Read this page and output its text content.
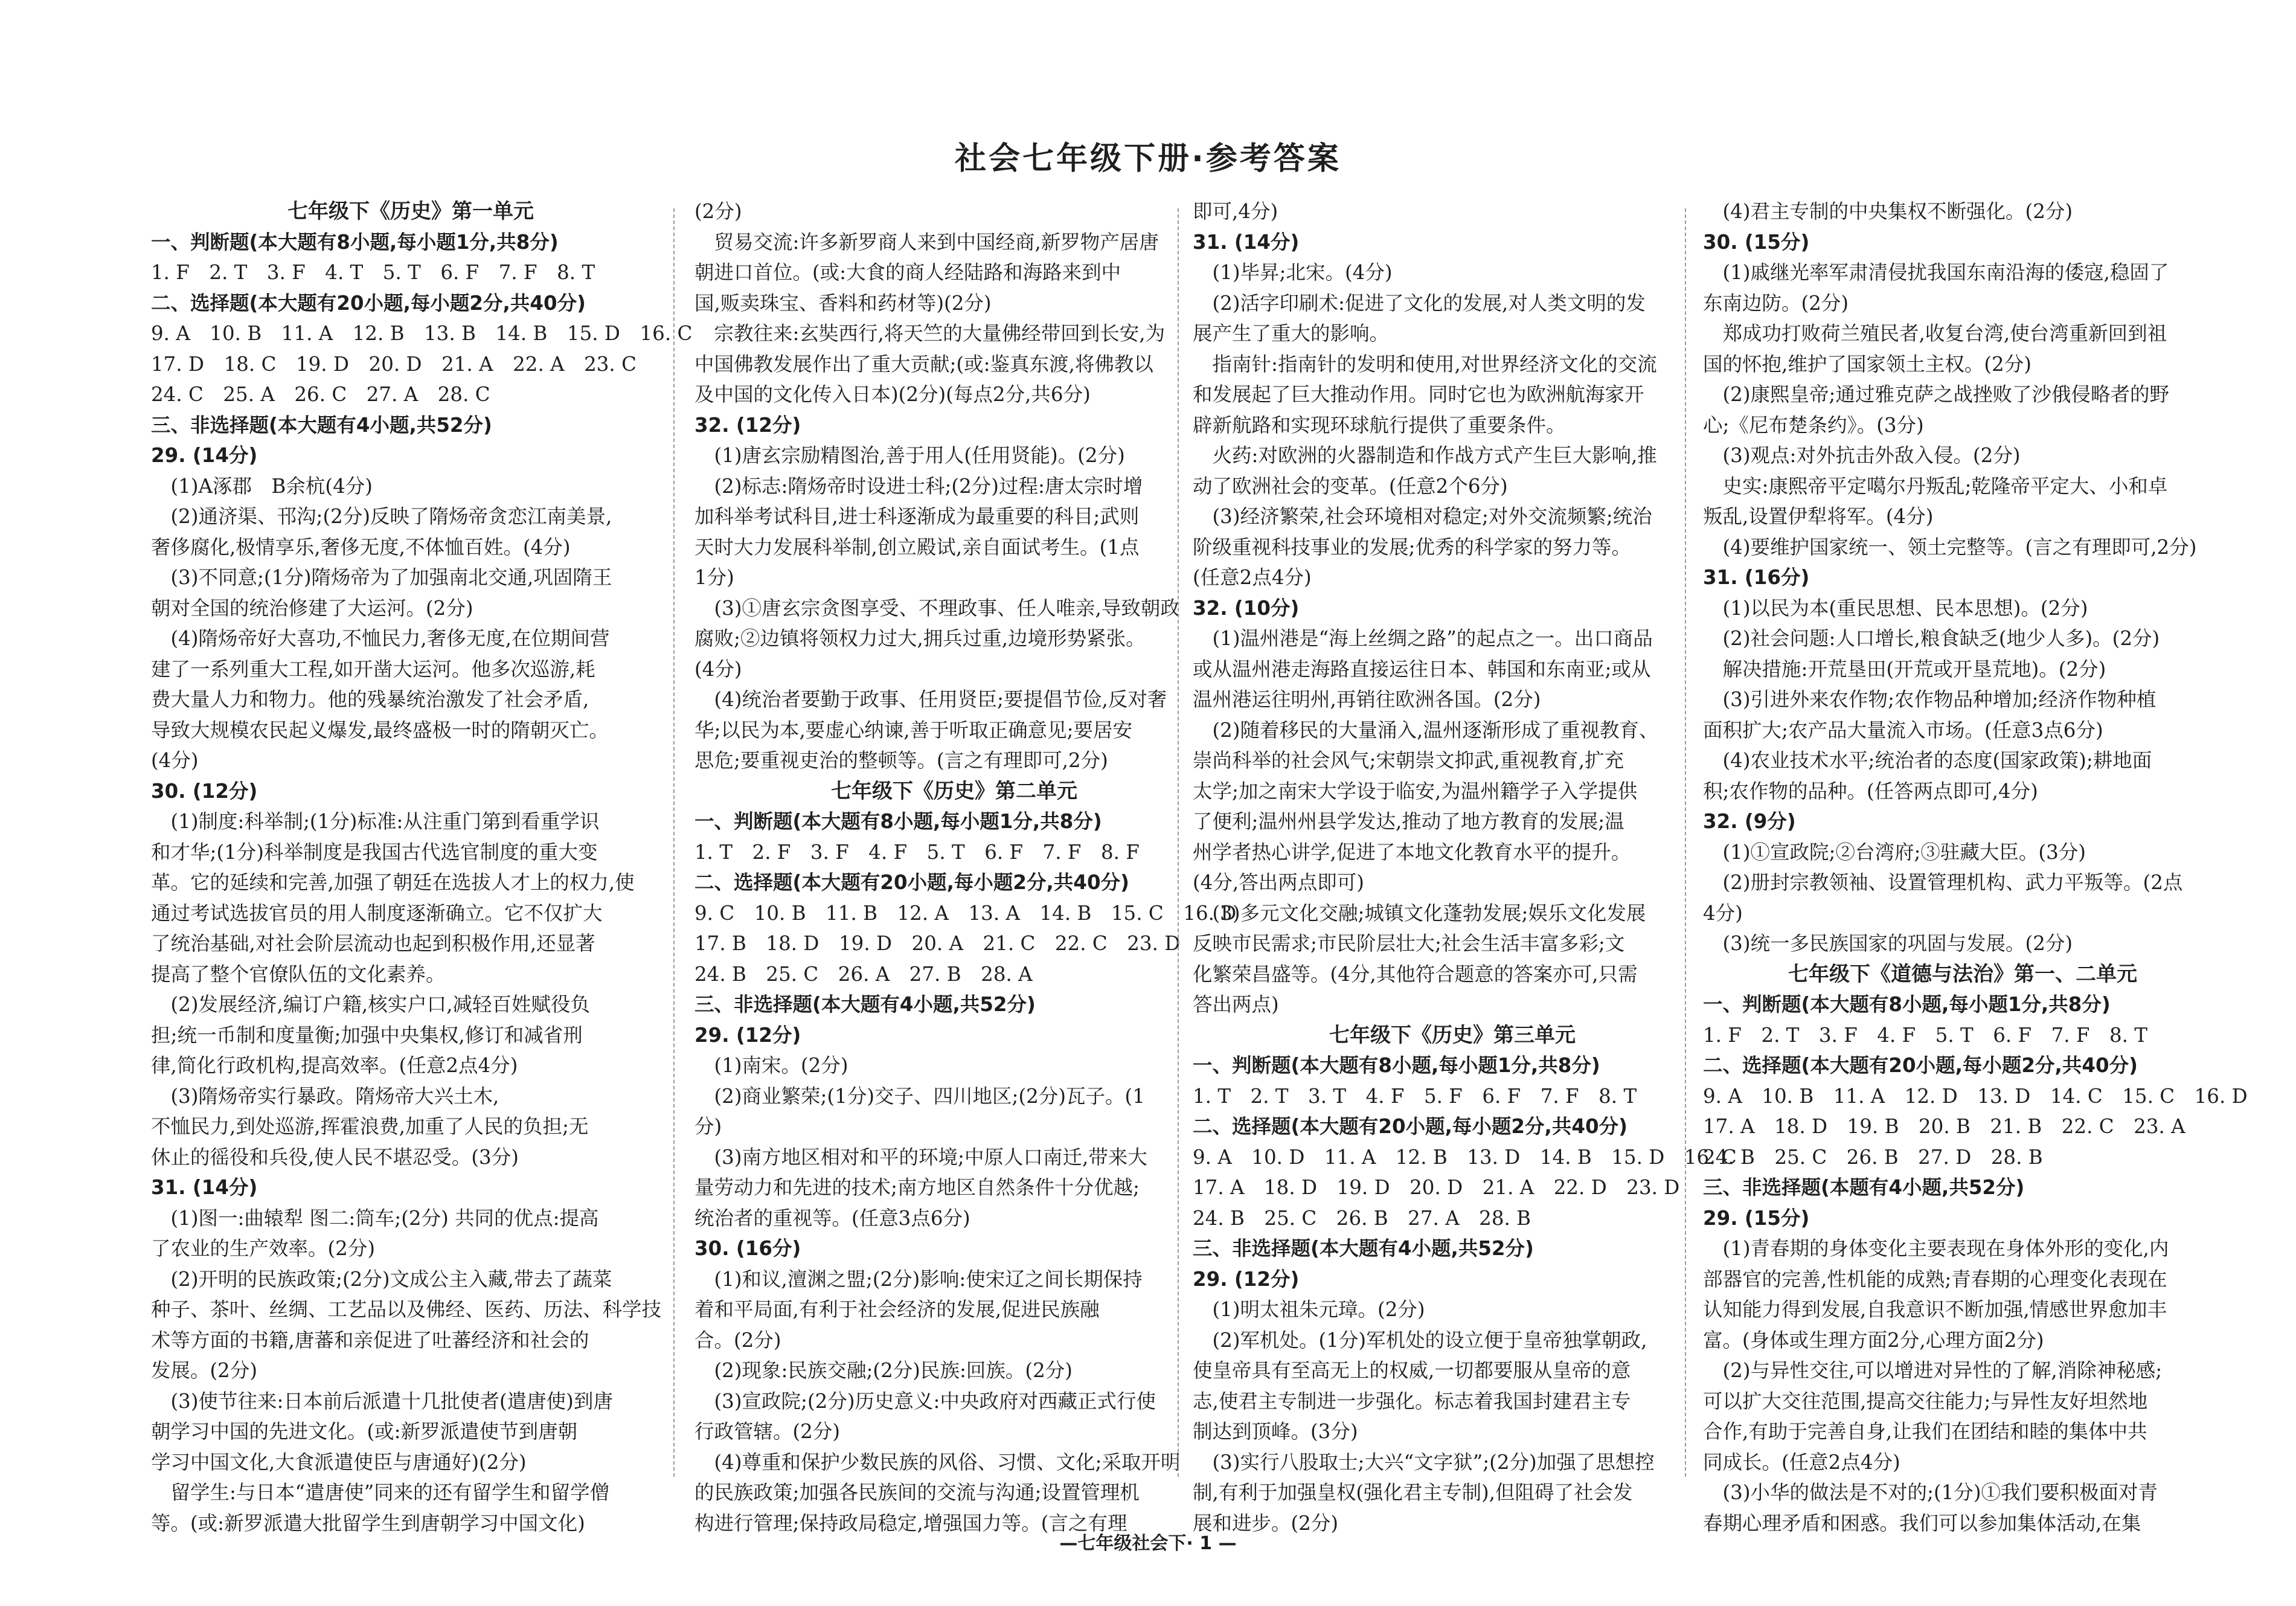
社会七年级下册·参考答案
七年级下《历史》第一单元
一、判断题(本大题有8小题,每小题1分,共8分)
1. F　2. T　3. F　4. T　5. T　6. F　7. F　8. T
二、选择题(本大题有20小题,每小题2分,共40分)
9. A　10. B　11. A　12. B　13. B　14. B　15. D　16. C
17. D　18. C　19. D　20. D　21. A　22. A　23. C
24. C　25. A　26. C　27. A　28. C
三、非选择题(本大题有4小题,共52分)
29. (14分)
　(1)A涿郡　B余杭(4分)
　(2)通济渠、邗沟;(2分)反映了隋炀帝贪恋江南美景,
奢侈腐化,极情享乐,奢侈无度,不体恤百姓。(4分)
　(3)不同意;(1分)隋炀帝为了加强南北交通,巩固隋王
朝对全国的统治修建了大运河。(2分)
　(4)隋炀帝好大喜功,不恤民力,奢侈无度,在位期间营
建了一系列重大工程,如开凿大运河。他多次巡游,耗
费大量人力和物力。他的残暴统治激发了社会矛盾,
导致大规模农民起义爆发,最终盛极一时的隋朝灭亡。
(4分)
30. (12分)
　(1)制度:科举制;(1分)标准:从注重门第到看重学识
和才华;(1分)科举制度是我国古代选官制度的重大变
革。它的延续和完善,加强了朝廷在选拔人才上的权力,使
通过考试选拔官员的用人制度逐渐确立。它不仅扩大
了统治基础,对社会阶层流动也起到积极作用,还显著
提高了整个官僚队伍的文化素养。
　(2)发展经济,编订户籍,核实户口,减轻百姓赋役负
担;统一币制和度量衡;加强中央集权,修订和减省刑
律,简化行政机构,提高效率。(任意2点4分)
　(3)隋炀帝实行暴政。隋炀帝大兴土木,
不恤民力,到处巡游,挥霍浪费,加重了人民的负担;无
休止的徭役和兵役,使人民不堪忍受。(3分)
31. (14分)
　(1)图一:曲辕犁 图二:筒车;(2分) 共同的优点:提高
了农业的生产效率。(2分)
　(2)开明的民族政策;(2分)文成公主入藏,带去了蔬菜
种子、茶叶、丝绸、工艺品以及佛经、医药、历法、科学技
术等方面的书籍,唐蕃和亲促进了吐蕃经济和社会的
发展。(2分)
　(3)使节往来:日本前后派遣十几批使者(遣唐使)到唐
朝学习中国的先进文化。(或:新罗派遣使节到唐朝
学习中国文化,大食派遣使臣与唐通好)(2分)
　留学生:与日本“遣唐使”同来的还有留学生和留学僧
等。(或:新罗派遣大批留学生到唐朝学习中国文化)
(2分)
　贸易交流:许多新罗商人来到中国经商,新罗物产居唐
朝进口首位。(或:大食的商人经陆路和海路来到中
国,贩卖珠宝、香料和药材等)(2分)
　宗教往来:玄奘西行,将天竺的大量佛经带回到长安,为
中国佛教发展作出了重大贡献;(或:鉴真东渡,将佛教以
及中国的文化传入日本)(2分)(每点2分,共6分)
32. (12分)
　(1)唐玄宗励精图治,善于用人(任用贤能)。(2分)
　(2)标志:隋炀帝时设进士科;(2分)过程:唐太宗时增
加科举考试科目,进士科逐渐成为最重要的科目;武则
天时大力发展科举制,创立殿试,亲自面试考生。(1点
1分)
　(3)①唐玄宗贪图享受、不理政事、任人唯亲,导致朝政
腐败;②边镇将领权力过大,拥兵过重,边境形势紧张。
(4分)
　(4)统治者要勤于政事、任用贤臣;要提倡节俭,反对奢
华;以民为本,要虚心纳谏,善于听取正确意见;要居安
思危;要重视吏治的整顿等。(言之有理即可,2分)
七年级下《历史》第二单元
一、判断题(本大题有8小题,每小题1分,共8分)
1. T　2. F　3. F　4. F　5. T　6. F　7. F　8. F
二、选择题(本大题有20小题,每小题2分,共40分)
9. C　10. B　11. B　12. A　13. A　14. B　15. C　16. D
17. B　18. D　19. D　20. A　21. C　22. C　23. D
24. B　25. C　26. A　27. B　28. A
三、非选择题(本大题有4小题,共52分)
29. (12分)
　(1)南宋。(2分)
　(2)商业繁荣;(1分)交子、四川地区;(2分)瓦子。(1
分)
　(3)南方地区相对和平的环境;中原人口南迁,带来大
量劳动力和先进的技术;南方地区自然条件十分优越;
统治者的重视等。(任意3点6分)
30. (16分)
　(1)和议,澶渊之盟;(2分)影响:使宋辽之间长期保持
着和平局面,有利于社会经济的发展,促进民族融
合。(2分)
　(2)现象:民族交融;(2分)民族:回族。(2分)
　(3)宣政院;(2分)历史意义:中央政府对西藏正式行使
行政管辖。(2分)
　(4)尊重和保护少数民族的风俗、习惯、文化;采取开明
的民族政策;加强各民族间的交流与沟通;设置管理机
构进行管理;保持政局稳定,增强国力等。(言之有理
即可,4分)
31. (14分)
　(1)毕昇;北宋。(4分)
　(2)活字印刷术:促进了文化的发展,对人类文明的发
展产生了重大的影响。
　指南针:指南针的发明和使用,对世界经济文化的交流
和发展起了巨大推动作用。同时它也为欧洲航海家开
辟新航路和实现环球航行提供了重要条件。
　火药:对欧洲的火器制造和作战方式产生巨大影响,推
动了欧洲社会的变革。(任意2个6分)
　(3)经济繁荣,社会环境相对稳定;对外交流频繁;统治
阶级重视科技事业的发展;优秀的科学家的努力等。
(任意2点4分)
32. (10分)
　(1)温州港是“海上丝绸之路”的起点之一。出口商品
或从温州港走海路直接运往日本、韩国和东南亚;或从
温州港运往明州,再销往欧洲各国。(2分)
　(2)随着移民的大量涌入,温州逐渐形成了重视教育、
崇尚科举的社会风气;宋朝崇文抑武,重视教育,扩充
太学;加之南宋大学设于临安,为温州籍学子入学提供
了便利;温州州县学发达,推动了地方教育的发展;温
州学者热心讲学,促进了本地文化教育水平的提升。
(4分,答出两点即可)
　(3)多元文化交融;城镇文化蓬勃发展;娱乐文化发展
反映市民需求;市民阶层壮大;社会生活丰富多彩;文
化繁荣昌盛等。(4分,其他符合题意的答案亦可,只需
答出两点)
七年级下《历史》第三单元
一、判断题(本大题有8小题,每小题1分,共8分)
1. T　2. T　3. T　4. F　5. F　6. F　7. F　8. T
二、选择题(本大题有20小题,每小题2分,共40分)
9. A　10. D　11. A　12. B　13. D　14. B　15. D　16. C
17. A　18. D　19. D　20. D　21. A　22. D　23. D
24. B　25. C　26. B　27. A　28. B
三、非选择题(本大题有4小题,共52分)
29. (12分)
　(1)明太祖朱元璋。(2分)
　(2)军机处。(1分)军机处的设立便于皇帝独掌朝政,
使皇帝具有至高无上的权威,一切都要服从皇帝的意
志,使君主专制进一步强化。标志着我国封建君主专
制达到顶峰。(3分)
　(3)实行八股取士;大兴“文字狱”;(2分)加强了思想控
制,有利于加强皇权(强化君主专制),但阻碍了社会发
展和进步。(2分)
　(4)君主专制的中央集权不断强化。(2分)
30. (15分)
　(1)戚继光率军肃清侵扰我国东南沿海的倭寇,稳固了
东南边防。(2分)
　郑成功打败荷兰殖民者,收复台湾,使台湾重新回到祖
国的怀抱,维护了国家领土主权。(2分)
　(2)康熙皇帝;通过雅克萨之战挫败了沙俄侵略者的野
心;《尼布楚条约》。(3分)
　(3)观点:对外抗击外敌入侵。(2分)
　史实:康熙帝平定噶尔丹叛乱;乾隆帝平定大、小和卓
叛乱,设置伊犁将军。(4分)
　(4)要维护国家统一、领土完整等。(言之有理即可,2分)
31. (16分)
　(1)以民为本(重民思想、民本思想)。(2分)
　(2)社会问题:人口增长,粮食缺乏(地少人多)。(2分)
　解决措施:开荒垦田(开荒或开垦荒地)。(2分)
　(3)引进外来农作物;农作物品种增加;经济作物种植
面积扩大;农产品大量流入市场。(任意3点6分)
　(4)农业技术水平;统治者的态度(国家政策);耕地面
积;农作物的品种。(任答两点即可,4分)
32. (9分)
　(1)①宣政院;②台湾府;③驻藏大臣。(3分)
　(2)册封宗教领袖、设置管理机构、武力平叛等。(2点
4分)
　(3)统一多民族国家的巩固与发展。(2分)
七年级下《道德与法治》第一、二单元
一、判断题(本大题有8小题,每小题1分,共8分)
1. F　2. T　3. F　4. F　5. T　6. F　7. F　8. T
二、选择题(本大题有20小题,每小题2分,共40分)
9. A　10. B　11. A　12. D　13. D　14. C　15. C　16. D
17. A　18. D　19. B　20. B　21. B　22. C　23. A
24. B　25. C　26. B　27. D　28. B
三、非选择题(本题有4小题,共52分)
29. (15分)
　(1)青春期的身体变化主要表现在身体外形的变化,内
部器官的完善,性机能的成熟;青春期的心理变化表现在
认知能力得到发展,自我意识不断加强,情感世界愈加丰
富。(身体或生理方面2分,心理方面2分)
　(2)与异性交往,可以增进对异性的了解,消除神秘感;
可以扩大交往范围,提高交往能力;与异性友好坦然地
合作,有助于完善自身,让我们在团结和睦的集体中共
同成长。(任意2点4分)
　(3)小华的做法是不对的;(1分)①我们要积极面对青
春期心理矛盾和困惑。我们可以参加集体活动,在集
—七年级社会下· 1 —
